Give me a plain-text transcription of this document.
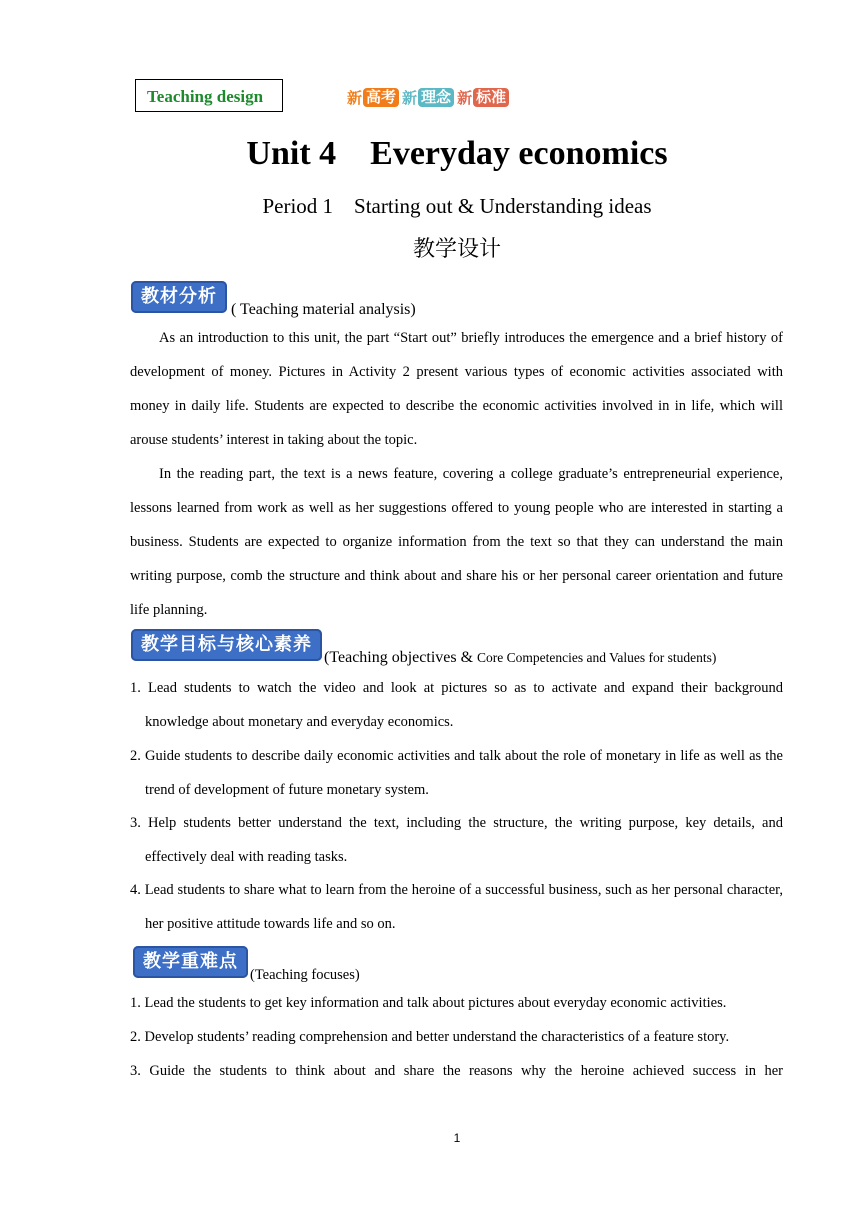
Teaching design	新 高考 新 理念 新 标准
Unit 4    Everyday economics
Period 1    Starting out & Understanding ideas
教学设计
教材分析
( Teaching material analysis)
As an introduction to this unit, the part “Start out” briefly introduces the emergence and a brief history of development of money. Pictures in Activity 2 present various types of economic activities associated with money in daily life. Students are expected to describe the economic activities involved in in life, which will arouse students’ interest in taking about the topic.
In the reading part, the text is a news feature, covering a college graduate’s entrepreneurial experience, lessons learned from work as well as her suggestions offered to young people who are interested in starting a business. Students are expected to organize information from the text so that they can understand the main writing purpose, comb the structure and think about and share his or her personal career orientation and future life planning.
教学目标与核心素养
(Teaching objectives & Core Competencies and Values for students)
1. Lead students to watch the video and look at pictures so as to activate and expand their background knowledge about monetary and everyday economics.
2. Guide students to describe daily economic activities and talk about the role of monetary in life as well as the trend of development of future monetary system.
3. Help students better understand the text, including the structure, the writing purpose, key details, and effectively deal with reading tasks.
4. Lead students to share what to learn from the heroine of a successful business, such as her personal character, her positive attitude towards life and so on.
教学重难点
(Teaching focuses)
1. Lead the students to get key information and talk about pictures about everyday economic activities.
2. Develop students’ reading comprehension and better understand the characteristics of a feature story.
3. Guide the students to think about and share the reasons why the heroine achieved success in her
1
